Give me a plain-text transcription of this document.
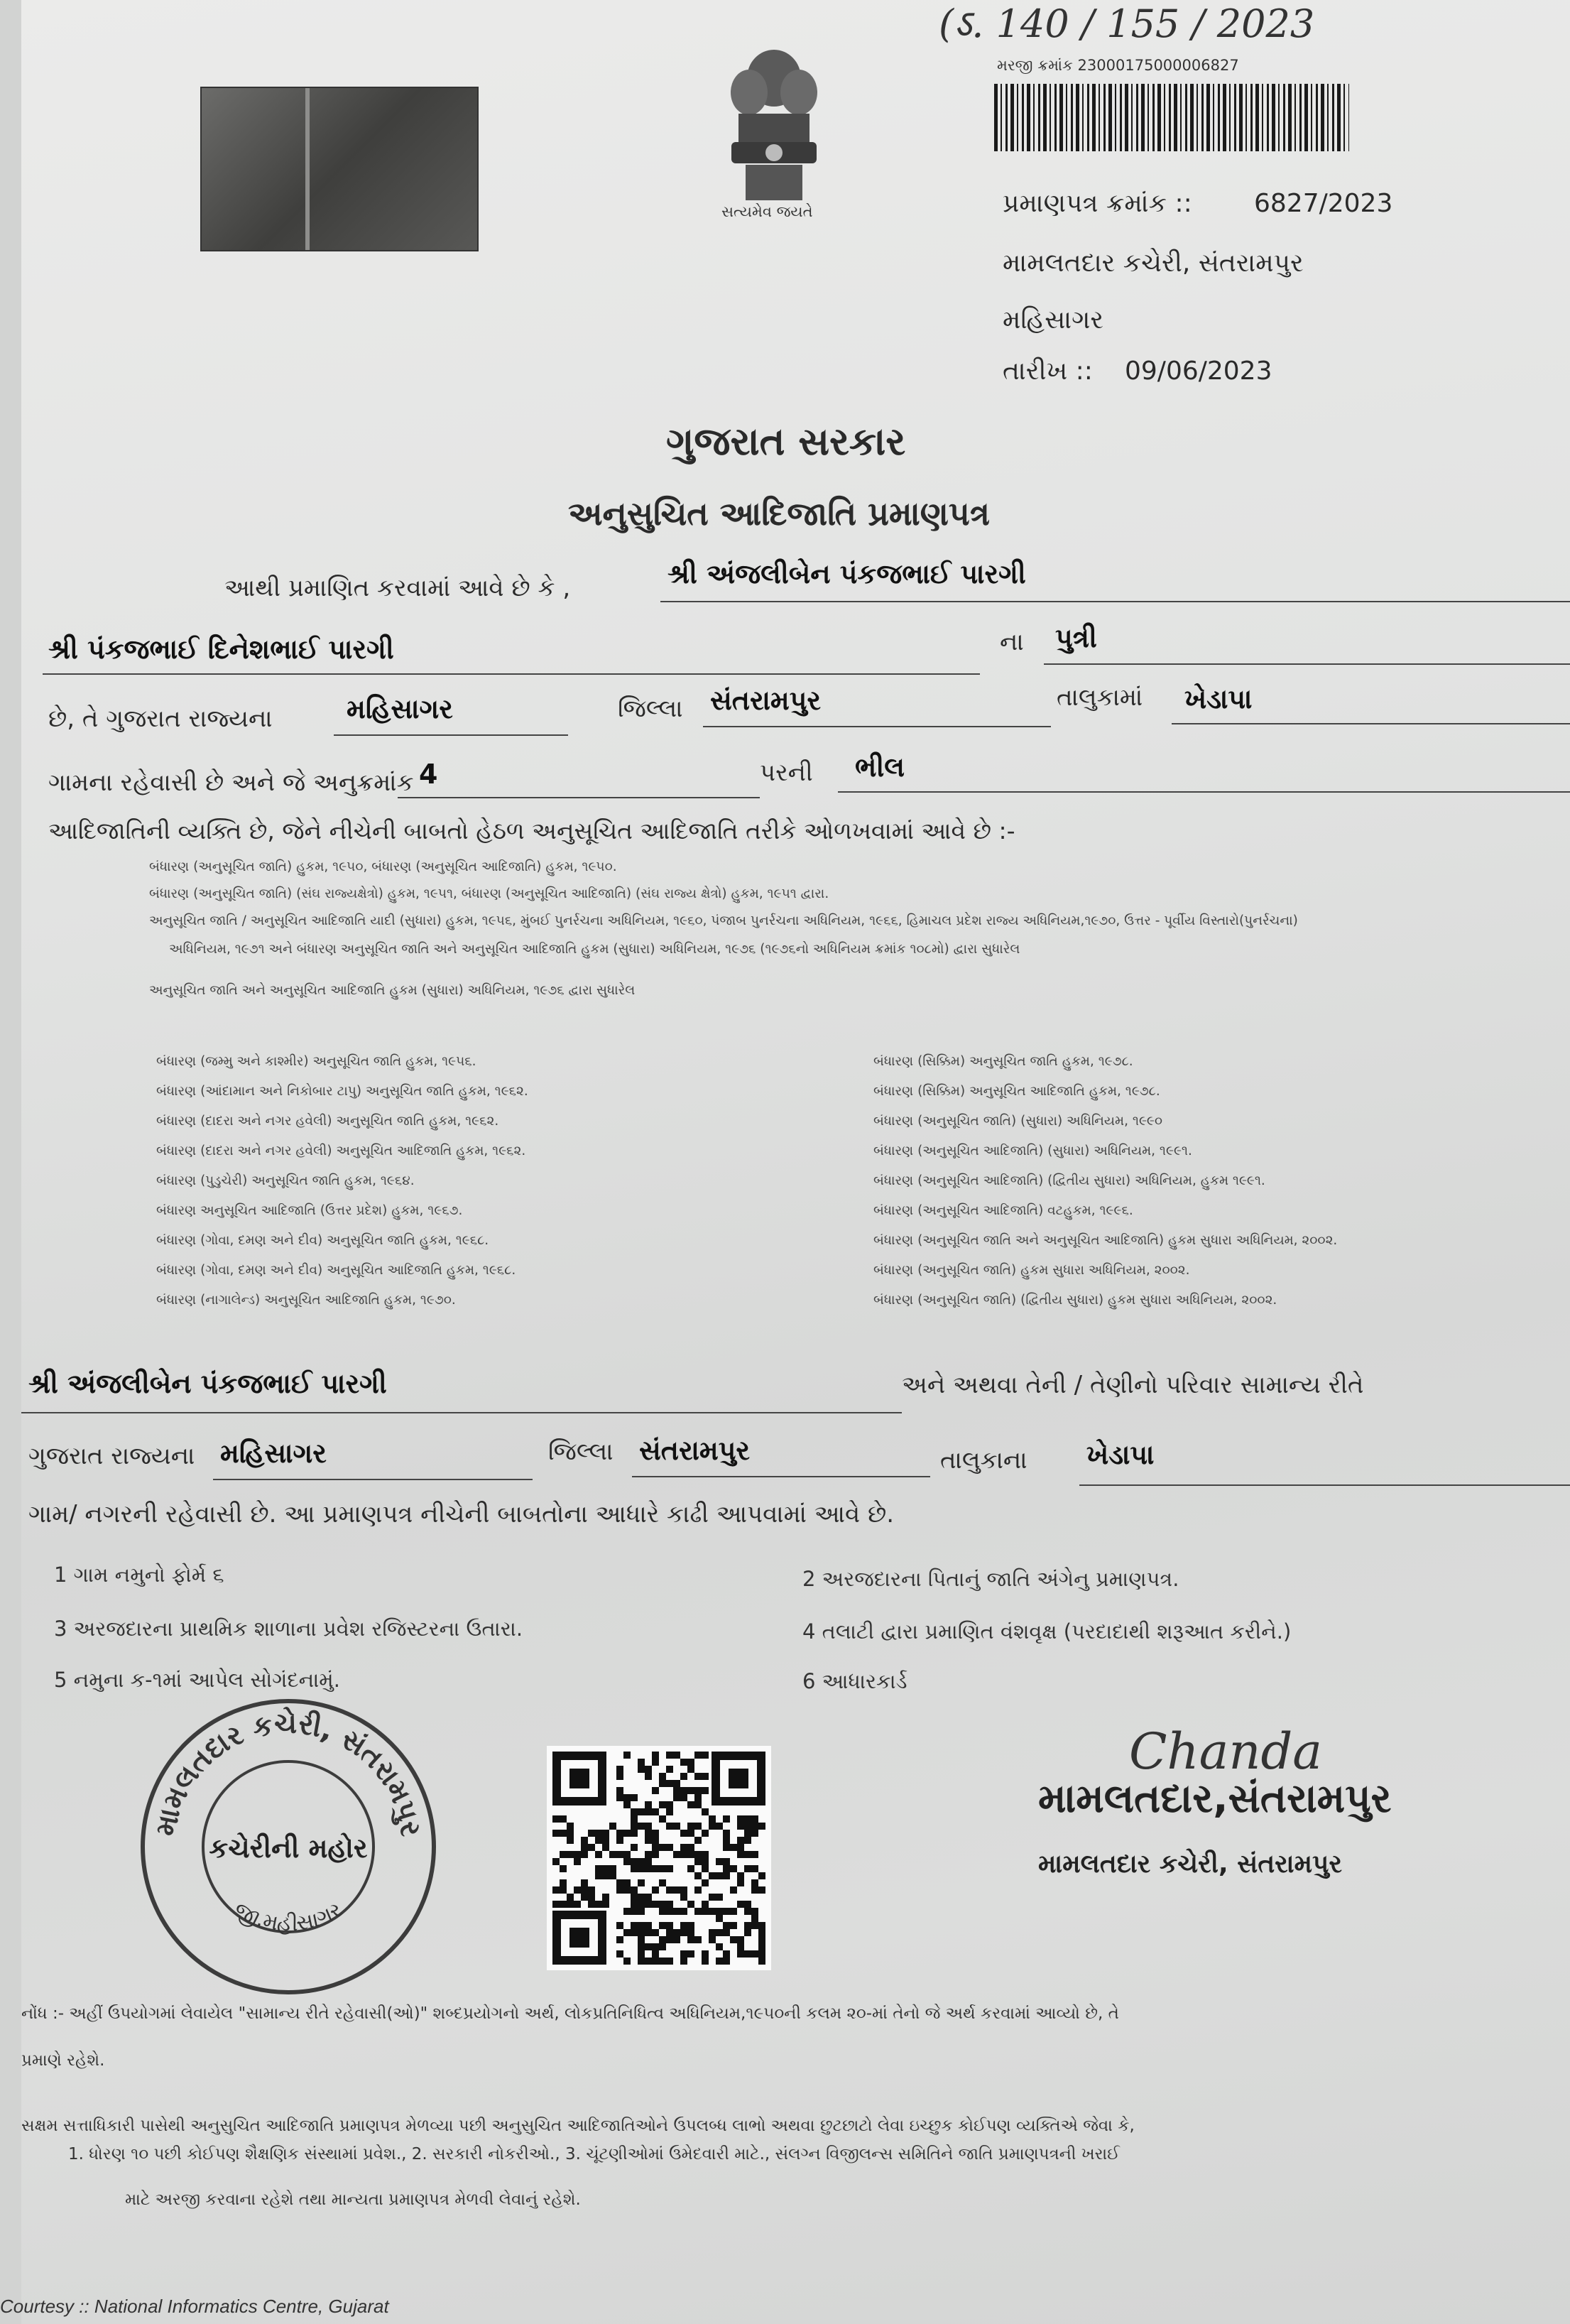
સત્યમેવ જયતે
(ऽ. 140 / 155 / 2023
મરજી ક્રમાંક 23000175000006827
પ્રમાણપત્ર ક્રમાંક :: 6827/2023
મામલતદાર કચેરી, સંતરામપુર
મહિસાગર
તારીખ :: 09/06/2023
ગુજરાત સરકાર
અનુસુચિત આદિજાતિ પ્રમાણપત્ર
આથી પ્રમાણિત કરવામાં આવે છે કે ,	શ્રી અંજલીબેન પંકજભાઈ પારગી
શ્રી પંકજભાઈ દિનેશભાઈ પારગી	ના પુત્રી
છે, તે ગુજરાત રાજ્યના	મહિસાગર	જિલ્લા સંતરામપુર	તાલુકામાં ખેડાપા
ગામના રહેવાસી છે અને જે અનુક્રમાંક 4	પરની ભીલ
આદિજાતિની વ્યક્તિ છે, જેને નીચેની બાબતો હેઠળ અનુસૂચિત આદિજાતિ તરીકે ઓળખવામાં આવે છે :-
બંધારણ (અનુસૂચિત જાતિ) હુકમ, ૧૯૫૦, બંધારણ (અનુસૂચિત આદિજાતિ) હુકમ, ૧૯૫૦.
બંધારણ (અનુસૂચિત જાતિ) (સંઘ રાજ્યક્ષેત્રો) હુકમ, ૧૯૫૧, બંધારણ (અનુસૂચિત આદિજાતિ) (સંઘ રાજ્ય ક્ષેત્રો) હુકમ, ૧૯૫૧ દ્વારા.
અનુસૂચિત જાતિ / અનુસૂચિત આદિજાતિ યાદી (સુધારા) હુકમ, ૧૯૫૬, મુંબઈ પુનર્રચના અધિનિયમ, ૧૯૬૦, પંજાબ પુનર્રચના અધિનિયમ, ૧૯૬૬, હિમાચલ પ્રદેશ રાજ્ય અધિનિયમ,૧૯૭૦, ઉત્તર - પૂર્વીય વિસ્તારો(પુનર્રચના)
અધિનિયમ, ૧૯૭૧ અને બંધારણ અનુસૂચિત જાતિ અને અનુસૂચિત આદિજાતિ હુકમ (સુધારા) અધિનિયમ, ૧૯૭૬ (૧૯૭૬નો અધિનિયમ ક્રમાંક ૧૦૮મો) દ્વારા સુધારેલ
અનુસૂચિત જાતિ અને અનુસૂચિત આદિજાતિ હુકમ (સુધારા) અધિનિયમ, ૧૯૭૬ દ્વારા સુધારેલ
બંધારણ (જમ્મુ અને કાશ્મીર) અનુસૂચિત જાતિ હુકમ, ૧૯૫૬.
બંધારણ (આંદામાન અને નિકોબાર ટાપુ) અનુસૂચિત જાતિ હુકમ, ૧૯૬૨.
બંધારણ (દાદરા અને નગર હવેલી) અનુસૂચિત જાતિ હુકમ, ૧૯૬૨.
બંધારણ (દાદરા અને નગર હવેલી) અનુસૂચિત આદિજાતિ હુકમ, ૧૯૬૨.
બંધારણ (પુડુચેરી) અનુસૂચિત જાતિ હુકમ, ૧૯૬૪.
બંધારણ અનુસૂચિત આદિજાતિ (ઉત્તર પ્રદેશ) હુકમ, ૧૯૬૭.
બંધારણ (ગોવા, દમણ અને દીવ) અનુસૂચિત જાતિ હુકમ, ૧૯૬૮.
બંધારણ (ગોવા, દમણ અને દીવ) અનુસૂચિત આદિજાતિ હુકમ, ૧૯૬૮.
બંધારણ (નાગાલેન્ડ) અનુસૂચિત આદિજાતિ હુકમ, ૧૯૭૦.
બંધારણ (સિક્કિમ) અનુસૂચિત જાતિ હુકમ, ૧૯૭૮.
બંધારણ (સિક્કિમ) અનુસૂચિત આદિજાતિ હુકમ, ૧૯૭૮.
બંધારણ (અનુસૂચિત જાતિ) (સુધારા) અધિનિયમ, ૧૯૯૦
બંધારણ (અનુસૂચિત આદિજાતિ) (સુધારા) અધિનિયમ, ૧૯૯૧.
બંધારણ (અનુસૂચિત આદિજાતિ) (દ્વિતીય સુધારા) અધિનિયમ, હુકમ ૧૯૯૧.
બંધારણ (અનુસૂચિત આદિજાતિ) વટહુકમ, ૧૯૯૬.
બંધારણ (અનુસૂચિત જાતિ અને અનુસૂચિત આદિજાતિ) હુકમ સુધારા અધિનિયમ, ૨૦૦૨.
બંધારણ (અનુસૂચિત જાતિ) હુકમ સુધારા અધિનિયમ, ૨૦૦૨.
બંધારણ (અનુસૂચિત જાતિ) (દ્વિતીય સુધારા) હુકમ સુધારા અધિનિયમ, ૨૦૦૨.
શ્રી અંજલીબેન પંકજભાઈ પારગી	અને અથવા તેની / તેણીનો પરિવાર સામાન્ય રીતે
ગુજરાત રાજ્યના મહિસાગર	જિલ્લા સંતરામપુર	તાલુકાના ખેડાપા
ગામ/ નગરની રહેવાસી છે. આ પ્રમાણપત્ર નીચેની બાબતોના આધારે કાઢી આપવામાં આવે છે.
1 ગામ નમુનો ફોર્મ ૬	2 અરજદારના પિતાનું જાતિ અંગેનુ પ્રમાણપત્ર.
3 અરજદારના પ્રાથમિક શાળાના પ્રવેશ રજિસ્ટરના ઉતારા.	4 તલાટી દ્વારા પ્રમાણિત વંશવૃક્ષ (પરદાદાથી શરૂઆત કરીને.)
5 નમુના ક-૧માં આપેલ સોગંદનામું.	6 આધારકાર્ડ
મામલતદાર કચેરી, સંતરામપુર
જી.મહીસાગર
કચેરીની મહોર
Chanda
મામલતદાર,સંતરામપુર
મામલતદાર કચેરી, સંતરામપુર
નોંધ :- અહીં ઉપયોગમાં લેવાયેલ "સામાન્ય રીતે રહેવાસી(ઓ)" શબ્દપ્રયોગનો અર્થ, લોકપ્રતિનિધિત્વ અધિનિયમ,૧૯૫૦ની કલમ ૨૦-માં તેનો જે અર્થ કરવામાં આવ્યો છે, તે
પ્રમાણે રહેશે.
સક્ષમ સત્તાધિકારી પાસેથી અનુસુચિત આદિજાતિ પ્રમાણપત્ર મેળવ્યા પછી અનુસુચિત આદિજાતિઓને ઉપલબ્ધ લાભો અથવા છુટછાટો લેવા ઇચ્છુક કોઈપણ વ્યક્તિએ જેવા કે,
1. ધોરણ ૧૦ પછી કોઈપણ શૈક્ષણિક સંસ્થામાં પ્રવેશ., 2. સરકારી નોકરીઓ., 3. ચૂંટણીઓમાં ઉમેદવારી માટે., સંલગ્ન વિજીલન્સ સમિતિને જાતિ પ્રમાણપત્રની ખરાઈ
માટે અરજી કરવાના રહેશે તથા માન્યતા પ્રમાણપત્ર મેળવી લેવાનું રહેશે.
Courtesy :: National Informatics Centre, Gujarat
